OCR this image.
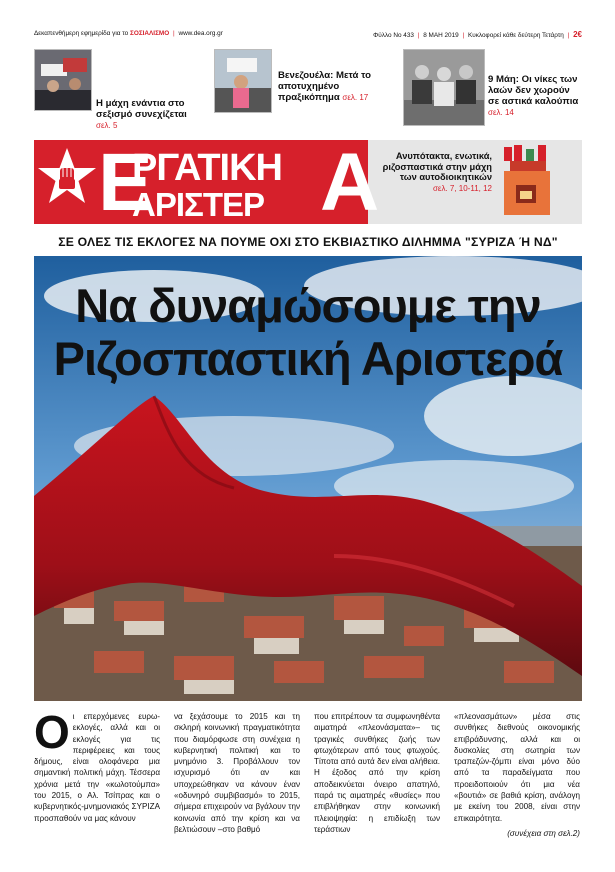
Δεκαπενθήμερη εφημερίδα για το ΣΟΣΙΑΛΙΣΜΟ | www.dea.org.gr	Φύλλο Νο 433 | 8 ΜΑΗ 2019 | Κυκλοφορεί κάθε δεύτερη Τετάρτη | 2€
Η μάχη ενάντια στο σεξισμό συνεχίζεται σελ. 5
Βενεζουέλα: Μετά το αποτυχημένο πραξικόπημα σελ. 17
9 Μάη: Οι νίκες των λαών δεν χωρούν σε αστικά καλούπια σελ. 14
Ε
ΡΓΑΤΙΚΗ
ΑΡΙΣΤΕΡ Α	Ανυπότακτα, ενωτικά, ριζοσπαστικά στην μάχη των αυτοδιοικητικών
σελ. 7, 10-11, 12
ΣΕ ΟΛΕΣ ΤΙΣ ΕΚΛΟΓΕΣ ΝΑ ΠΟΥΜΕ ΟΧΙ ΣΤΟ ΕΚΒΙΑΣΤΙΚΟ ΔΙΛΗΜΜΑ "ΣΥΡΙΖΑ Ή ΝΔ"
Να δυναμώσουμε την
Ριζοσπαστική Αριστερά
Ο ι επερχόμενες ευρω-εκλογές, αλλά και οι εκλογές για τις περιφέρειες και τους δήμους, είναι ολοφάνερα μια σημαντική πολιτική μάχη. Τέσσερα χρόνια μετά την «κωλοτούμπα» του 2015, ο Αλ. Τσίπρας και ο κυβερνητικός-μνημονιακός ΣΥΡΙΖΑ προσπαθούν να μας κάνουν

να ξεχάσουμε το 2015 και τη σκληρή κοινωνική πραγματικότητα που διαμόρφωσε στη συνέχεια η κυβερνητική πολιτική και το μνημόνιο 3. Προβάλλουν τον ισχυρισμό ότι αν και υποχρεώθηκαν να κάνουν έναν «οδυνηρό συμβιβασμό» το 2015, σήμερα επιχειρούν να βγάλουν την κοινωνία από την κρίση και να βελτιώσουν –στο βαθμό

που επιτρέπουν τα συμφωνηθέντα αιματηρά «πλεονάσματα»– τις τραγικές συνθήκες ζωής των φτωχότερων από τους φτωχούς. Τίποτα από αυτά δεν είναι αλήθεια. Η έξοδος από την κρίση αποδεικνύεται όνειρο απατηλό, παρά τις αιματηρές «θυσίες» που επιβλήθηκαν στην κοινωνική πλειοψηφία: η επιδίωξη των τεράστιων

«πλεονασμάτων» μέσα στις συνθήκες διεθνούς οικονομικής επιβράδυνσης, αλλά και οι δυσκολίες στη σωτηρία των τραπεζών-ζόμπι είναι μόνο δύο από τα παραδείγματα που προειδοποιούν ότι μια νέα «βουτιά» σε βαθιά κρίση, ανάλογη με εκείνη του 2008, είναι στην επικαιρότητα.

(συνέχεια στη σελ.2)
